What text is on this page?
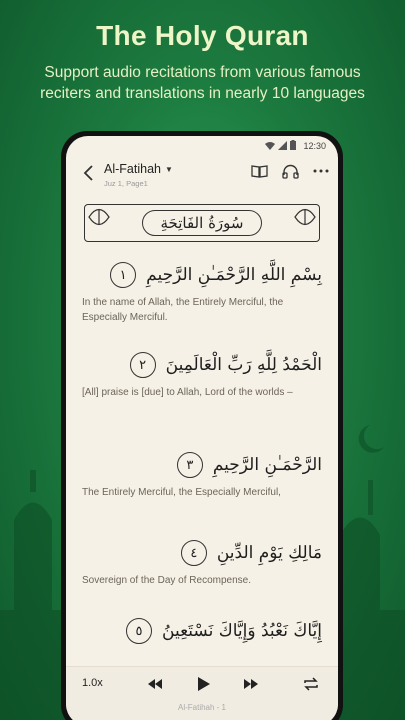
The Holy Quran
Support audio recitations from various famous reciters and translations in nearly 10 languages
12:30
Al-Fatihah ▼
Juz 1, Page1
سُورَةُ الفَاتِحَةِ
بِسْمِ اللَّهِ الرَّحْمَـٰنِ الرَّحِيمِ
١
In the name of Allah, the Entirely Merciful, the Especially Merciful.
الْحَمْدُ لِلَّهِ رَبِّ الْعَالَمِينَ
٢
[All] praise is [due] to Allah, Lord of the worlds –
الرَّحْمَـٰنِ الرَّحِيمِ
٣
The Entirely Merciful, the Especially Merciful,
مَالِكِ يَوْمِ الدِّينِ
٤
Sovereign of the Day of Recompense.
إِيَّاكَ نَعْبُدُ وَإِيَّاكَ نَسْتَعِينُ
٥
1.0x
Al-Fatihah - 1
